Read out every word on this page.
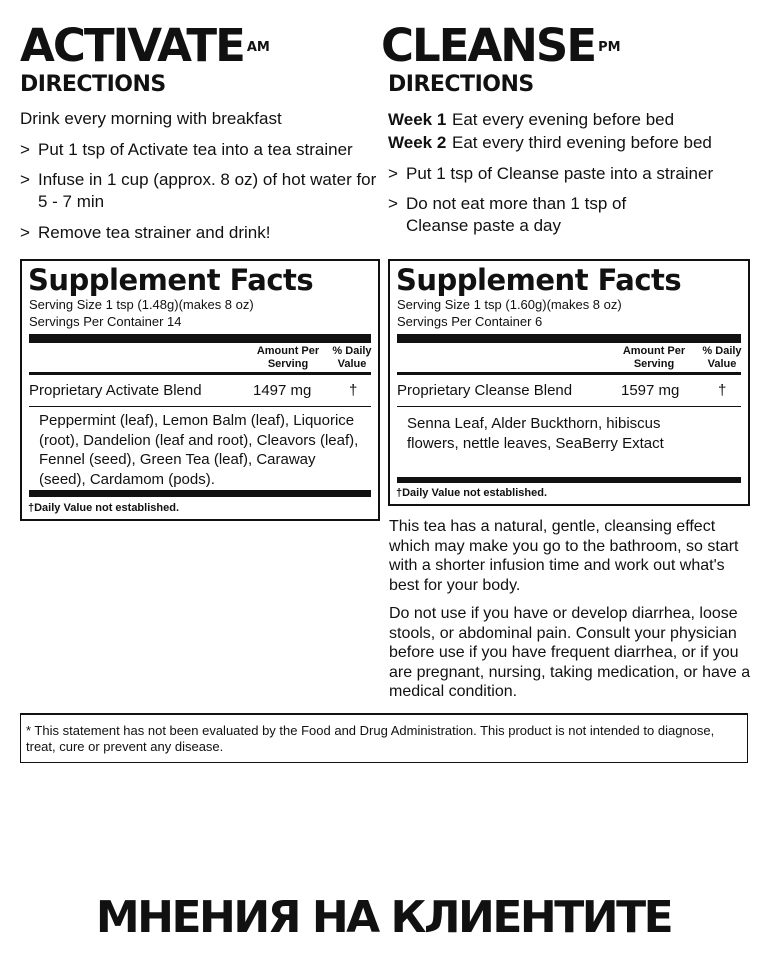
ACTIVATE $^{AM}$
DIRECTIONS
Drink every morning with breakfast
> Put 1 tsp of Activate tea into a tea strainer
> Infuse in 1 cup (approx. 8 oz) of hot water for 5 - 7 min
> Remove tea strainer and drink!
Supplement Facts
Serving Size 1 tsp (1.48g)(makes 8 oz)
Servings Per Container 14
Amount Per
Serving
% Daily
Value
Proprietary Activate Blend	1497 mg	†
Peppermint (leaf), Lemon Balm (leaf), Liquorice (root), Dandelion (leaf and root), Cleavors (leaf), Fennel (seed), Green Tea (leaf), Caraway (seed), Cardamom (pods).
†Daily Value not established.
CLEANSE $^{PM}$
DIRECTIONS
Week 1 Eat every evening before bed
Week 2 Eat every third evening before bed
> Put 1 tsp of Cleanse paste into a strainer
> Do not eat more than 1 tsp of Cleanse paste a day
Supplement Facts
Serving Size 1 tsp (1.60g)(makes 8 oz)
Servings Per Container 6
Amount Per
Serving
% Daily
Value
Proprietary Cleanse Blend	1597 mg	†
Senna Leaf, Alder Buckthorn, hibiscus flowers, nettle leaves, SeaBerry Extact
†Daily Value not established.
This tea has a natural, gentle, cleansing effect which may make you go to the bathroom, so start with a shorter infusion time and work out what's best for your body.
Do not use if you have or develop diarrhea, loose stools, or abdominal pain. Consult your physician before use if you have frequent diarrhea, or if you are pregnant, nursing, taking medication, or have a medical condition.
* This statement has not been evaluated by the Food and Drug Administration. This product is not intended to diagnose, treat, cure or prevent any disease.
МНЕНИЯ НА КЛИЕНТИТЕ
